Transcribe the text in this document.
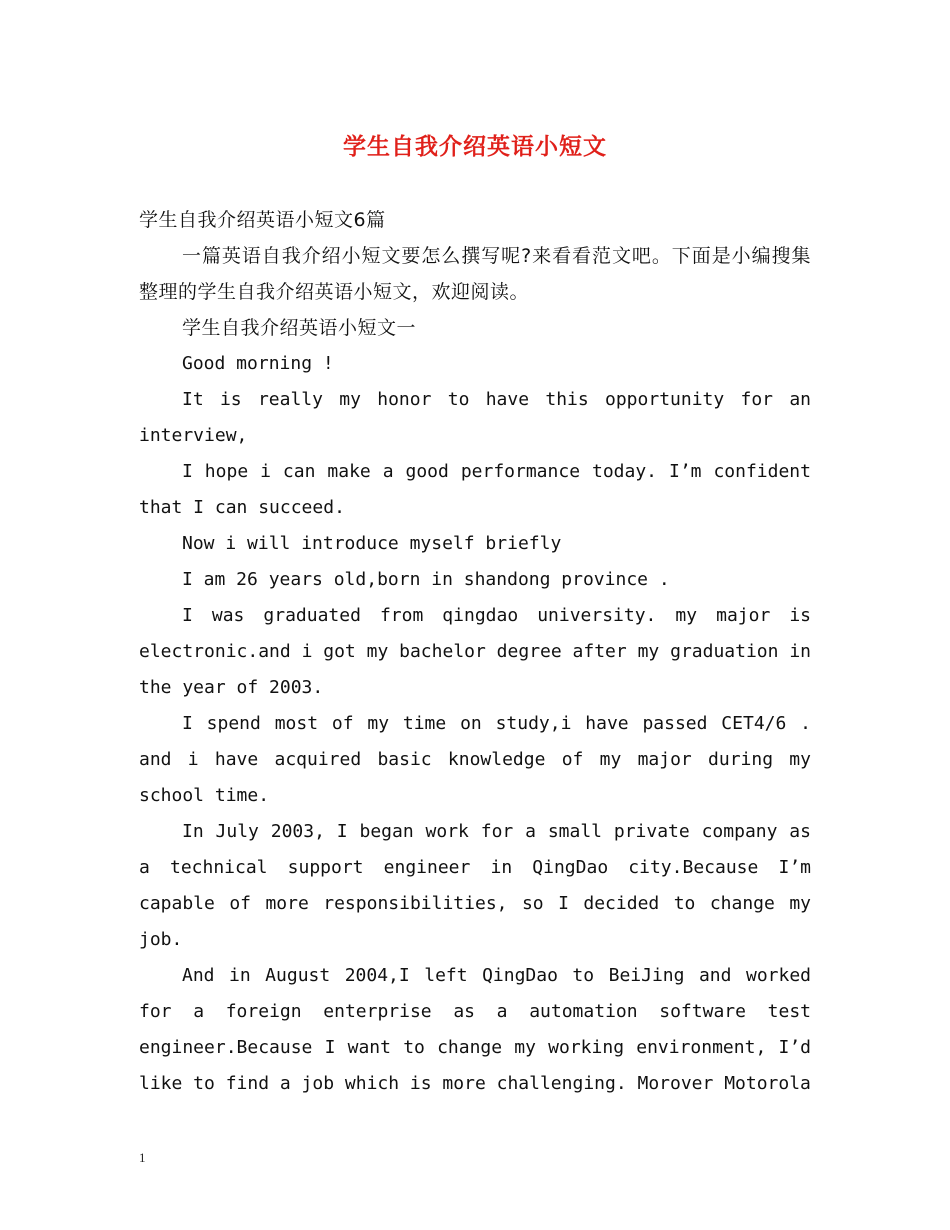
学生自我介绍英语小短文

学生自我介绍英语小短文6篇

一篇英语自我介绍小短文要怎么撰写呢?来看看范文吧。下面是小编搜集整理的学生自我介绍英语小短文，欢迎阅读。

学生自我介绍英语小短文一

Good morning !

It is really my honor to have this opportunity for an interview,

I hope i can make a good performance today. I’m confident that I can succeed.

Now i will introduce myself briefly

I am 26 years old,born in shandong province .

I was graduated from qingdao university. my major is electronic.and i got my bachelor degree after my graduation in the year of 2003.

I spend most of my time on study,i have passed CET4/6 . and i have acquired basic knowledge of my major during my school time.

In July 2003, I began work for a small private company as a technical support engineer in QingDao city.Because I’m capable of more responsibilities, so I decided to change my job.

And in August 2004,I left QingDao to BeiJing and worked for a foreign enterprise as a automation software test engineer.Because I want to change my working environment, I’d like to find a job which is more challenging. Morover Motorola

1
